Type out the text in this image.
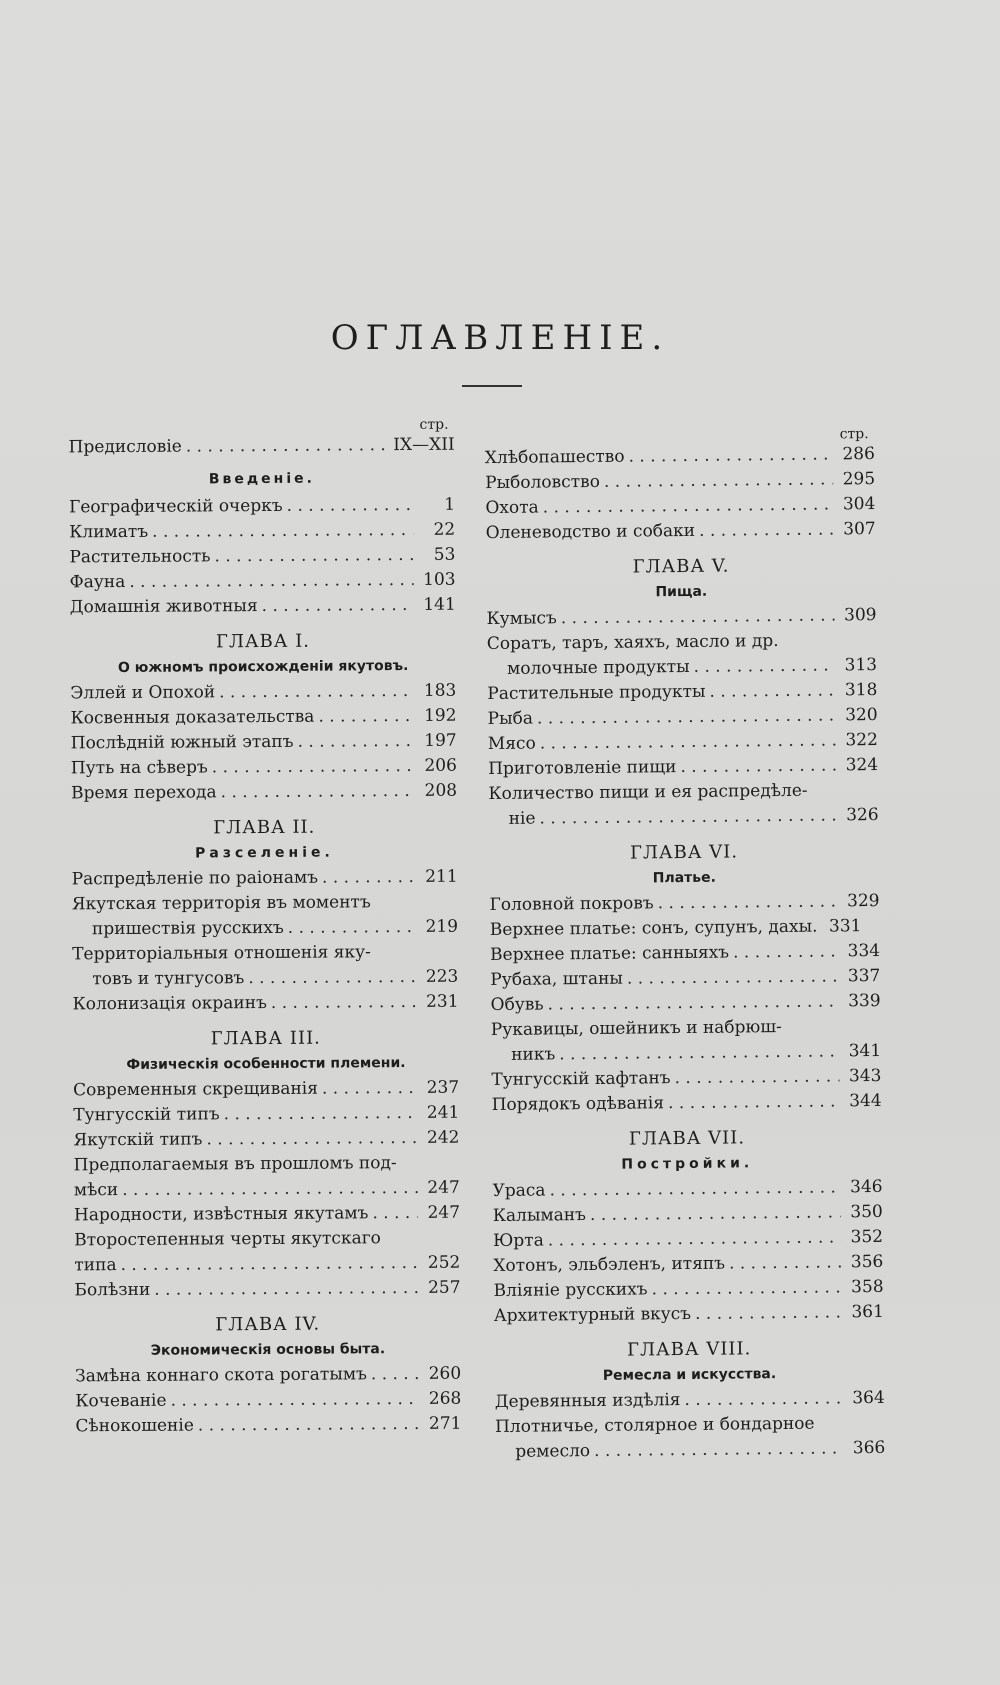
ОГЛАВЛЕНІЕ.
стр.
Предисловіе . . .	IX—XII
Введеніе.
Географическій очеркъ . . .	1
Климатъ . . .	22
Растительность . . .	53
Фауна . . .	103
Домашнія животныя . . .	141
ГЛАВА I.
О южномъ происхожденіи якутовъ.
Эллей и Опохой . . .	183
Косвенныя доказательства . . .	192
Послѣдній южный этапъ . . .	197
Путь на сѣверъ . . .	206
Время перехода . . .	208
ГЛАВА II.
Разселеніе.
Распредѣленіе по раіонамъ . . .	211
Якутская территорія въ моментъ
пришествія русскихъ . . .	219
Территоріальныя отношенія яку-
товъ и тунгусовъ . . .	223
Колонизація окраинъ . . .	231
ГЛАВА III.
Физическія особенности племени.
Современныя скрещиванія . . .	237
Тунгусскій типъ . . .	241
Якутскій типъ . . .	242
Предполагаемыя въ прошломъ под-
мѣси . . .	247
Народности, извѣстныя якутамъ . . .	247
Второстепенныя черты якутскаго
типа . . .	252
Болѣзни . . .	257
ГЛАВА IV.
Экономическія основы быта.
Замѣна коннаго скота рогатымъ . . .	260
Кочеваніе . . .	268
Сѣнокошеніе . . .	271
стр.
Хлѣбопашество . . .	286
Рыболовство . . .	295
Охота . . .	304
Оленеводство и собаки . . .	307
ГЛАВА V.
Пища.
Кумысъ . . .	309
Соратъ, таръ, хаяхъ, масло и др.
молочные продукты . . .	313
Растительные продукты . . .	318
Рыба . . .	320
Мясо . . .	322
Приготовленіе пищи . . .	324
Количество пищи и ея распредѣле-
ніе . . .	326
ГЛАВА VI.
Платье.
Головной покровъ . . .	329
Верхнее платье: сонъ, супунъ, дахы. 331
Верхнее платье: санныяхъ . . .	334
Рубаха, штаны . . .	337
Обувь . . .	339
Рукавицы, ошейникъ и набрюш-
никъ . . .	341
Тунгусскій кафтанъ . . .	343
Порядокъ одѣванія . . .	344
ГЛАВА VII.
Постройки.
Ураса . . .	346
Калыманъ . . .	350
Юрта . . .	352
Хотонъ, эльбэленъ, итяпъ . . .	356
Вліяніе русскихъ . . .	358
Архитектурный вкусъ . . .	361
ГЛАВА VIII.
Ремесла и искусства.
Деревянныя издѣлія . . .	364
Плотничье, столярное и бондарное
ремесло . . .	366
